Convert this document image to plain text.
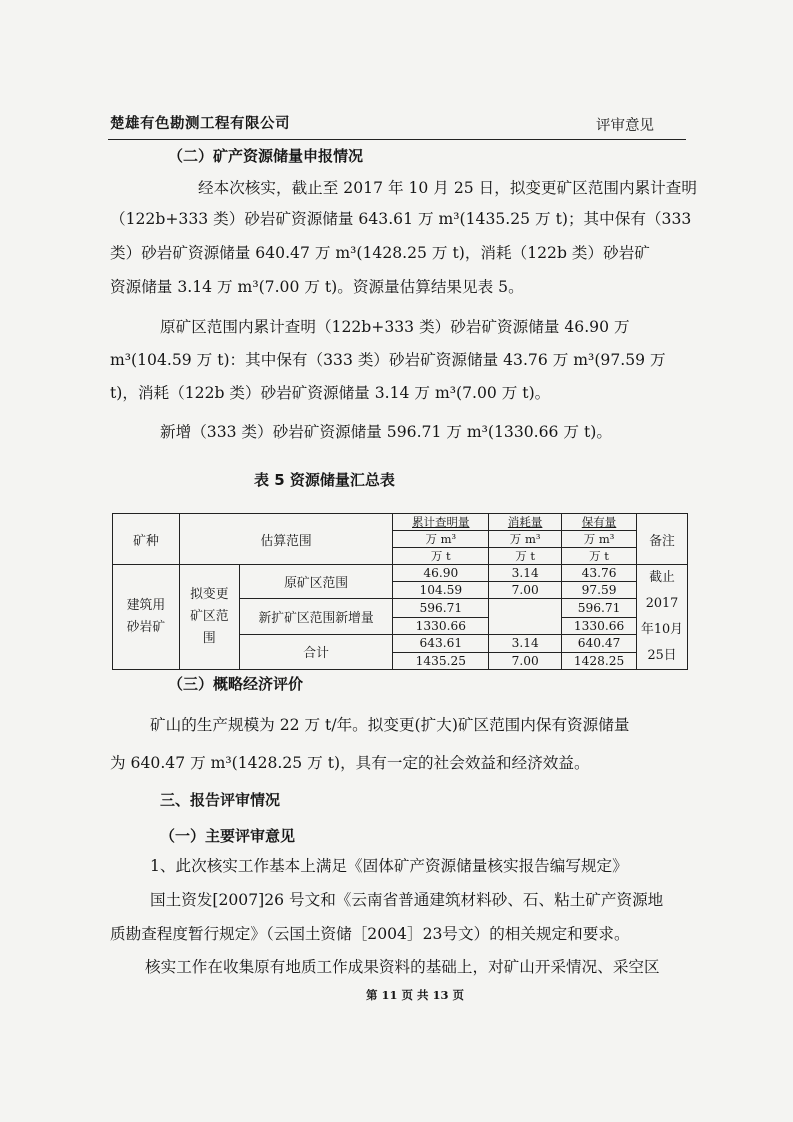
楚雄有色勘测工程有限公司	评审意见
（二）矿产资源储量申报情况
经本次核实，截止至 2017 年 10 月 25 日，拟变更矿区范围内累计查明
（122b+333 类）砂岩矿资源储量 643.61 万 m³(1435.25 万 t)；其中保有（333
类）砂岩矿资源储量 640.47 万 m³(1428.25 万 t)，消耗（122b 类）砂岩矿
资源储量 3.14 万 m³(7.00 万 t)。资源量估算结果见表 5。
原矿区范围内累计查明（122b+333 类）砂岩矿资源储量 46.90 万
m³(104.59 万 t)：其中保有（333 类）砂岩矿资源储量 43.76 万 m³(97.59 万
t)，消耗（122b 类）砂岩矿资源储量 3.14 万 m³(7.00 万 t)。
新增（333 类）砂岩矿资源储量 596.71 万 m³(1330.66 万 t)。
表 5 资源储量汇总表
矿种	估算范围		累计查明量	消耗量	保有量	备注
			万 m³	万 m³	万 m³	
			万 t	万 t	万 t	
建筑用砂岩矿	拟变更矿区范围	原矿区范围	46.90	3.14	43.76	截止 2017 年10月 25日
			104.59	7.00	97.59	
		新扩矿区范围新增量	596.71		596.71	
			1330.66		1330.66	
		合计	643.61	3.14	640.47	
			1435.25	7.00	1428.25	
（三）概略经济评价
矿山的生产规模为 22 万 t/年。拟变更(扩大)矿区范围内保有资源储量
为 640.47 万 m³(1428.25 万 t)，具有一定的社会效益和经济效益。
三、报告评审情况
（一）主要评审意见
1、此次核实工作基本上满足《固体矿产资源储量核实报告编写规定》
国土资发[2007]26 号文和《云南省普通建筑材料砂、石、粘土矿产资源地
质勘查程度暂行规定》（云国土资储［2004］23号文）的相关规定和要求。
核实工作在收集原有地质工作成果资料的基础上，对矿山开采情况、采空区
第 11 页 共 13 页
